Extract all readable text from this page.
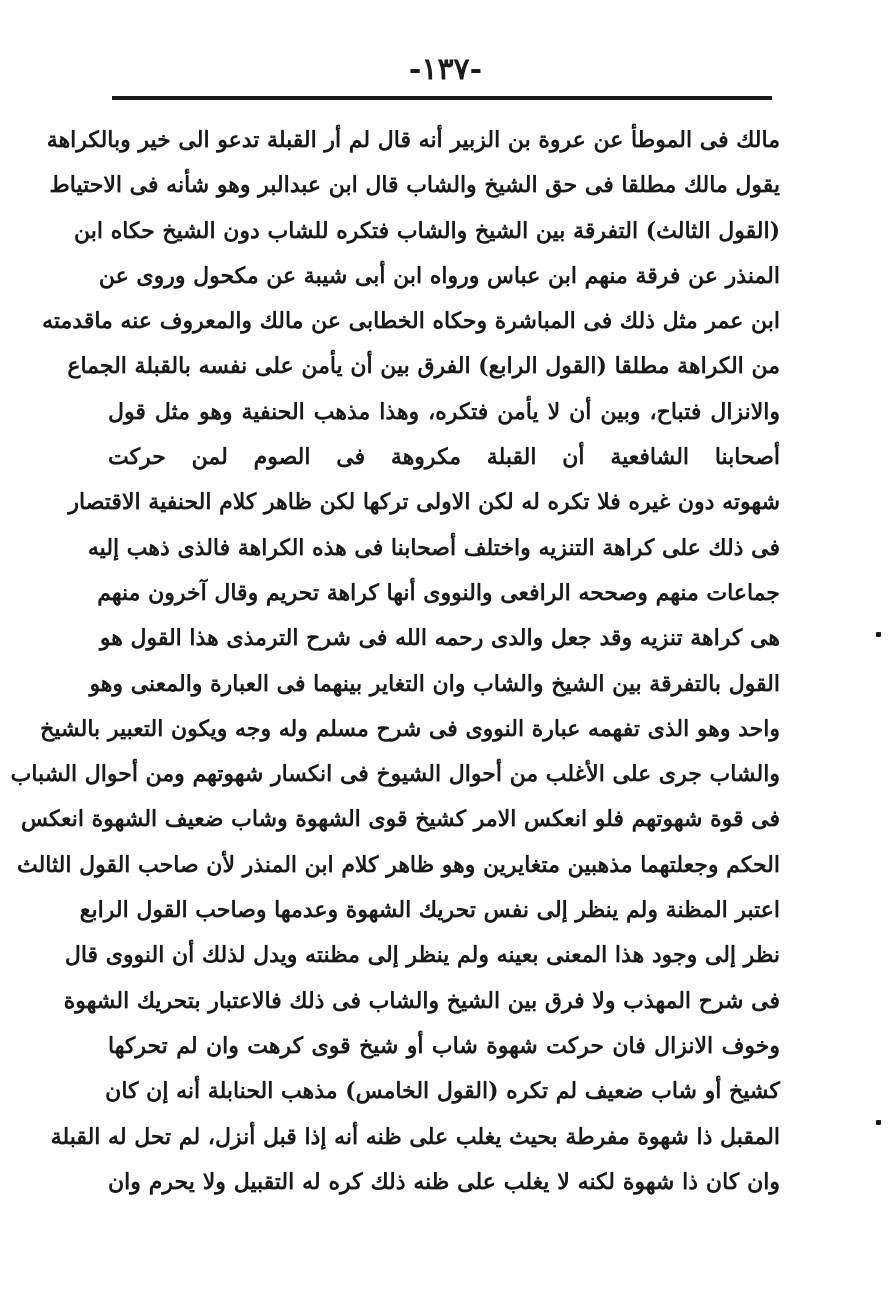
-١٣٧-
مالك فى الموطأ عن عروة بن الزبير أنه قال لم أر القبلة تدعو الى خير وبالكراهة
يقول مالك مطلقا فى حق الشيخ والشاب قال ابن عبدالبر وهو شأنه فى الاحتياط
(القول الثالث) التفرقة بين الشيخ والشاب فتكره للشاب دون الشيخ حكاه ابن
المنذر عن فرقة منهم ابن عباس ورواه ابن أبى شيبة عن مكحول وروى عن
ابن عمر مثل ذلك فى المباشرة وحكاه الخطابى عن مالك والمعروف عنه ماقدمته
من الكراهة مطلقا (القول الرابع) الفرق بين أن يأمن على نفسه بالقبلة الجماع
والانزال فتباح، وبين أن لا يأمن فتكره، وهذا مذهب الحنفية وهو مثل قول
أصحابنا الشافعية أن القبلة مكروهة فى الصوم لمن حركت
شهوته دون غيره فلا تكره له لكن الاولى تركها لكن ظاهر كلام الحنفية الاقتصار
فى ذلك على كراهة التنزيه واختلف أصحابنا فى هذه الكراهة فالذى ذهب إليه
جماعات منهم وصححه الرافعى والنووى أنها كراهة تحريم وقال آخرون منهم
هى كراهة تنزيه وقد جعل والدى رحمه الله فى شرح الترمذى هذا القول هو
القول بالتفرقة بين الشيخ والشاب وان التغاير بينهما فى العبارة والمعنى وهو
واحد وهو الذى تفهمه عبارة النووى فى شرح مسلم وله وجه ويكون التعبير بالشيخ
والشاب جرى على الأغلب من أحوال الشيوخ فى انكسار شهوتهم ومن أحوال الشباب
فى قوة شهوتهم فلو انعكس الامر كشيخ قوى الشهوة وشاب ضعيف الشهوة انعكس
الحكم وجعلتهما مذهبين متغايرين وهو ظاهر كلام ابن المنذر لأن صاحب القول الثالث
اعتبر المظنة ولم ينظر إلى نفس تحريك الشهوة وعدمها وصاحب القول الرابع
نظر إلى وجود هذا المعنى بعينه ولم ينظر إلى مظنته ويدل لذلك أن النووى قال
فى شرح المهذب ولا فرق بين الشيخ والشاب فى ذلك فالاعتبار بتحريك الشهوة
وخوف الانزال فان حركت شهوة شاب أو شيخ قوى كرهت وان لم تحركها
كشيخ أو شاب ضعيف لم تكره (القول الخامس) مذهب الحنابلة أنه إن كان
المقبل ذا شهوة مفرطة بحيث يغلب على ظنه أنه إذا قبل أنزل، لم تحل له القبلة
وان كان ذا شهوة لكنه لا يغلب على ظنه ذلك كره له التقبيل ولا يحرم وان
